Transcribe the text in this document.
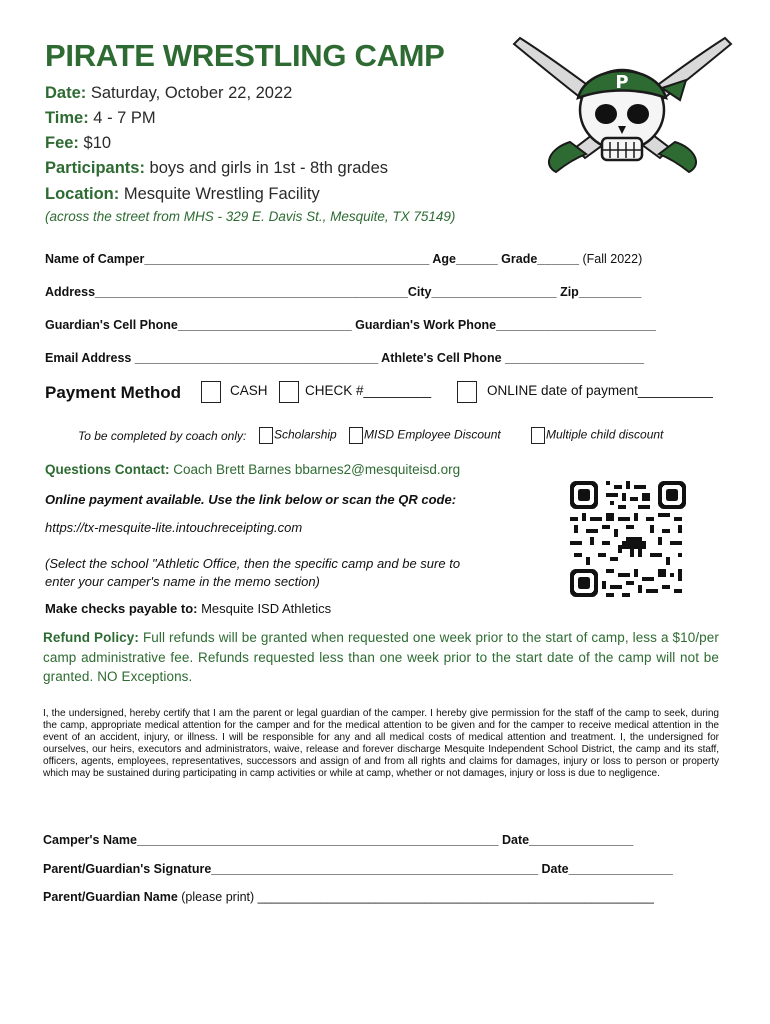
PIRATE WRESTLING CAMP
P
Date: Saturday, October 22, 2022
Time: 4 - 7 PM
Fee: $10
Participants: boys and girls in 1st - 8th grades
Location: Mesquite Wrestling Facility
(across the street from MHS - 329 E. Davis St., Mesquite, TX 75149)
Name of Camper_________________________________________ Age______ Grade______ (Fall 2022)
Address_____________________________________________City__________________ Zip_________
Guardian's Cell Phone_________________________ Guardian's Work Phone_______________________
Email Address ___________________________________ Athlete's Cell Phone ____________________
Payment Method	CASH	CHECK #_________	ONLINE date of payment__________
To be completed by coach only:	Scholarship	MISD Employee Discount	Multiple child discount
Questions Contact: Coach Brett Barnes bbarnes2@mesquiteisd.org
Online payment available. Use the link below or scan the QR code:
https://tx-mesquite-lite.intouchreceipting.com
(Select the school "Athletic Office, then the specific camp and be sure to enter your camper's name in the memo section)
Make checks payable to: Mesquite ISD Athletics
Refund Policy: Full refunds will be granted when requested one week prior to the start of camp, less a $10/per camp administrative fee. Refunds requested less than one week prior to the start date of the camp will not be granted. NO Exceptions.
I, the undersigned, hereby certify that I am the parent or legal guardian of the camper. I hereby give permission for the staff of the camp to seek, during the camp, appropriate medical attention for the camper and for the medical attention to be given and for the camper to receive medical attention in the event of an accident, injury, or illness. I will be responsible for any and all medical costs of medical attention and treatment. I, the undersigned for ourselves, our heirs, executors and administrators, waive, release and forever discharge Mesquite Independent School District, the camp and its staff, officers, agents, employees, representatives, successors and assign of and from all rights and claims for damages, injury or loss to person or property which may be sustained during participating in camp activities or while at camp, whether or not damages, injury or loss is due to negligence.
Camper's Name____________________________________________________ Date_______________
Parent/Guardian's Signature_______________________________________________ Date_______________
Parent/Guardian Name (please print) _________________________________________________________
